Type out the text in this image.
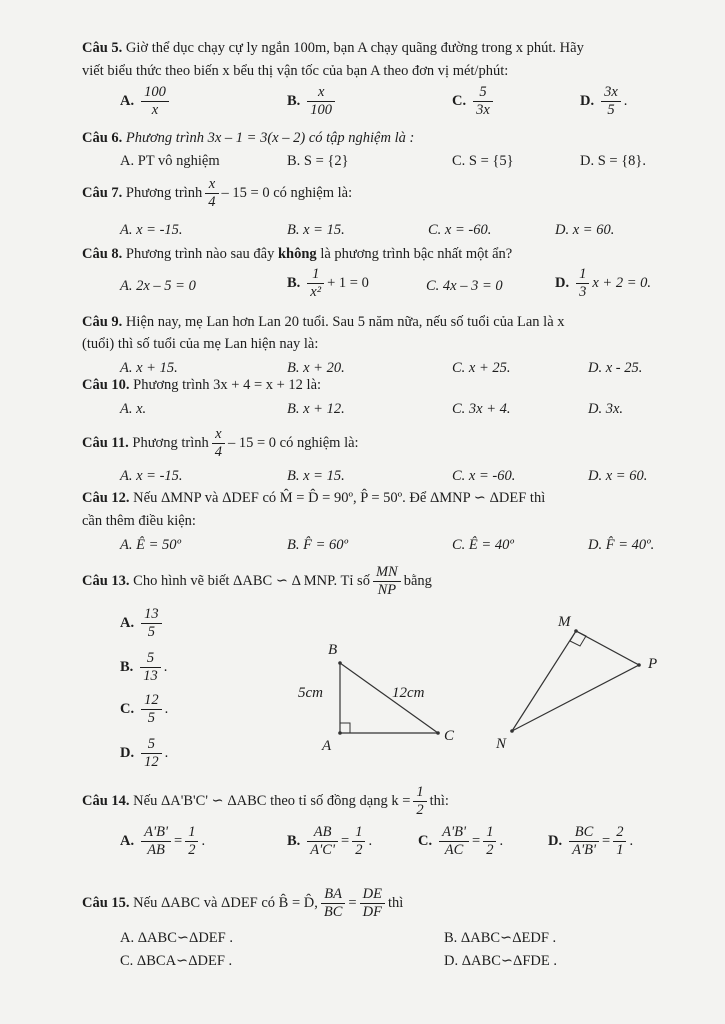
Câu 5. Giờ thể dục chạy cự ly ngắn 100m, bạn A chạy quãng đường trong x phút. Hãy
viết biểu thức theo biến x bểu thị vận tốc của bạn A theo đơn vị mét/phút:
A. $\frac{100}{x}$	B. $\frac{x}{100}$	C. $\frac{5}{3x}$	D. $\frac{3x}{5}$ .
Câu 6. Phương trình 3x – 1 = 3(x – 2) có tập nghiệm là :
A. PT vô nghiệm	B. S = {2}	C. S = {5}	D. S = {8}.
Câu 7. Phương trình $\frac{x}{4} - 15 = 0$ có nghiệm là:
A. x = -15.	B. x = 15.	C. x = -60.	D. x = 60.
Câu 8. Phương trình nào sau đây không là phương trình bậc nhất một ẩn?
A. 2x – 5 = 0	B. $\frac{1}{\text{x²}} + 1 = 0$	C. 4x – 3 = 0	D. $\frac{1}{3}$ x + 2 = 0.
Câu 9. Hiện nay, mẹ Lan hơn Lan 20 tuổi. Sau 5 năm nữa, nếu số tuổi của Lan là x
(tuổi) thì số tuổi của mẹ Lan hiện nay là:
A. x + 15.	B. x + 20.	C. x + 25.	D. x - 25.
Câu 10. Phương trình 3x + 4 = x + 12 là:
A. x.	B. x + 12.	C. 3x + 4.	D. 3x.
Câu 11. Phương trình $\frac{x}{4} - 15 = 0$ có nghiệm là:
A. x = -15.	B. x = 15.	C. x = -60.	D. x = 60.
Câu 12. Nếu ΔMNP và ΔDEF có M̂ = D̂ = 90º, P̂ = 50º. Để ΔMNP ∽ ΔDEF thì
cần thêm điều kiện:
A. Ê = 50º	B. F̂ = 60º	C. Ê = 40º	D. F̂ = 40º.
Câu 13. Cho hình vẽ biết ΔABC ∽ Δ MNP. Tỉ số $\frac{MN}{NP}$ bằng
A. $\frac{13}{5}$
B. $\frac{5}{13}$ .
C. $\frac{12}{5}$ .
D. $\frac{5}{12}$ .
B
A
C
5cm	12cm
M
P
N
Câu 14. Nếu ΔA'B'C' ∽ ΔABC theo tỉ số đồng dạng $k = \frac{1}{2}$ thì:
A. $\frac{A'B'}{AB} = \frac{1}{2}$ .	B. $\frac{AB}{A'C'} = \frac{1}{2}$ .	C. $\frac{A'B'}{AC} = \frac{1}{2}$ .	D. $\frac{BC}{A'B'} = \frac{2}{1}$ .
Câu 15. Nếu ΔABC và ΔDEF có B̂ = D̂, $\frac{BA}{BC} = \frac{DE}{DF}$ thì
A. ΔABC∽ΔDEF .	B. ΔABC∽ΔEDF .
C. ΔBCA∽ΔDEF .	D. ΔABC∽ΔFDE .
